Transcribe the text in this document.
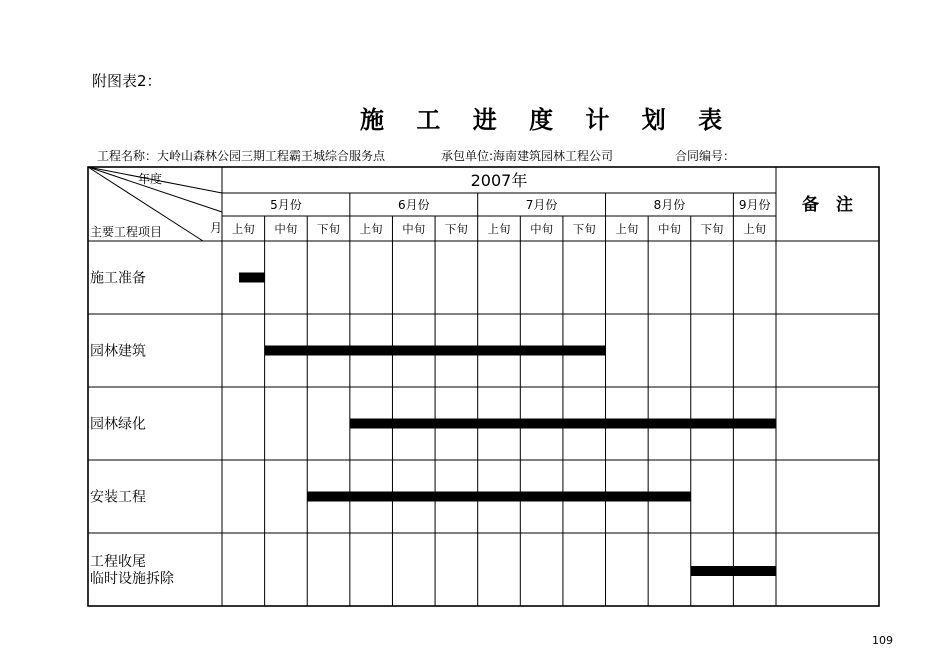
附图表2：
施 工 进 度 计 划 表
工程名称：大岭山森林公园三期工程霸王城综合服务点	承包单位:海南建筑园林工程公司	合同编号：
年度
月
主要工程项目
2007年
备　注
5月份	6月份	7月份	8月份	9月份
上旬 中旬 下旬 上旬 中旬 下旬 上旬 中旬 下旬 上旬 中旬 下旬 上旬
施工准备
园林建筑
园林绿化
安装工程
工程收尾
临时设施拆除
109
